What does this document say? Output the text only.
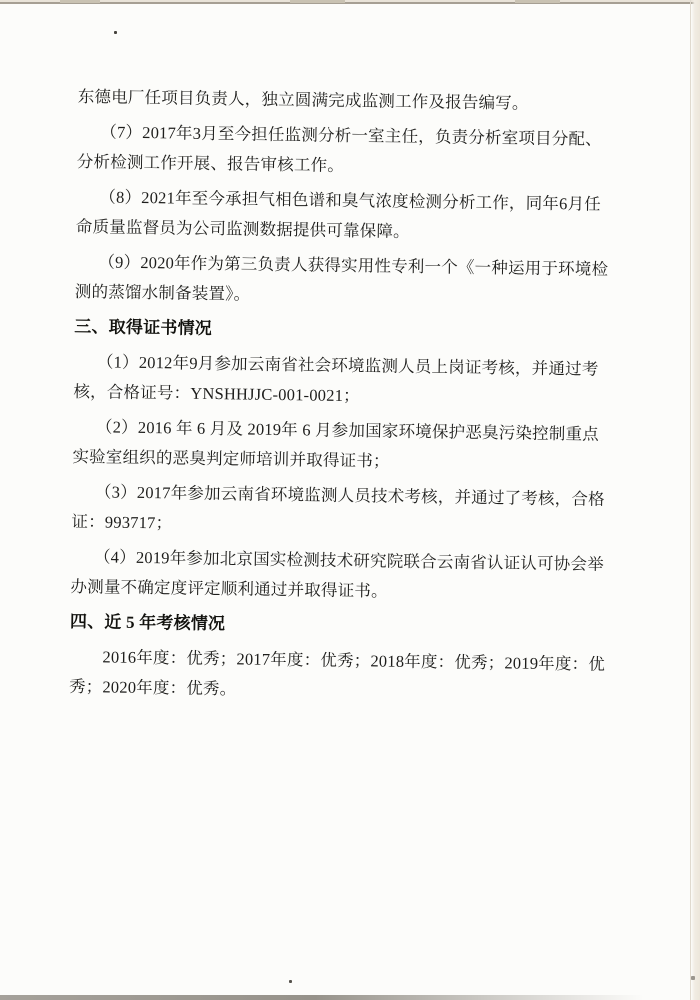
东德电厂任项目负责人，独立圆满完成监测工作及报告编写。
（7）2017年3月至今担任监测分析一室主任，负责分析室项目分配、
分析检测工作开展、报告审核工作。
（8）2021年至今承担气相色谱和臭气浓度检测分析工作，同年6月任
命质量监督员为公司监测数据提供可靠保障。
（9）2020年作为第三负责人获得实用性专利一个《一种运用于环境检
测的蒸馏水制备装置》。
三、取得证书情况
（1）2012年9月参加云南省社会环境监测人员上岗证考核，并通过考
核，合格证号：YNSHHJJC-001-0021；
（2）2016 年 6 月及 2019年 6 月参加国家环境保护恶臭污染控制重点
实验室组织的恶臭判定师培训并取得证书；
（3）2017年参加云南省环境监测人员技术考核，并通过了考核，合格
证：993717；
（4）2019年参加北京国实检测技术研究院联合云南省认证认可协会举
办测量不确定度评定顺利通过并取得证书。
四、近 5 年考核情况
2016年度：优秀；2017年度：优秀；2018年度：优秀；2019年度：优
秀；2020年度：优秀。
